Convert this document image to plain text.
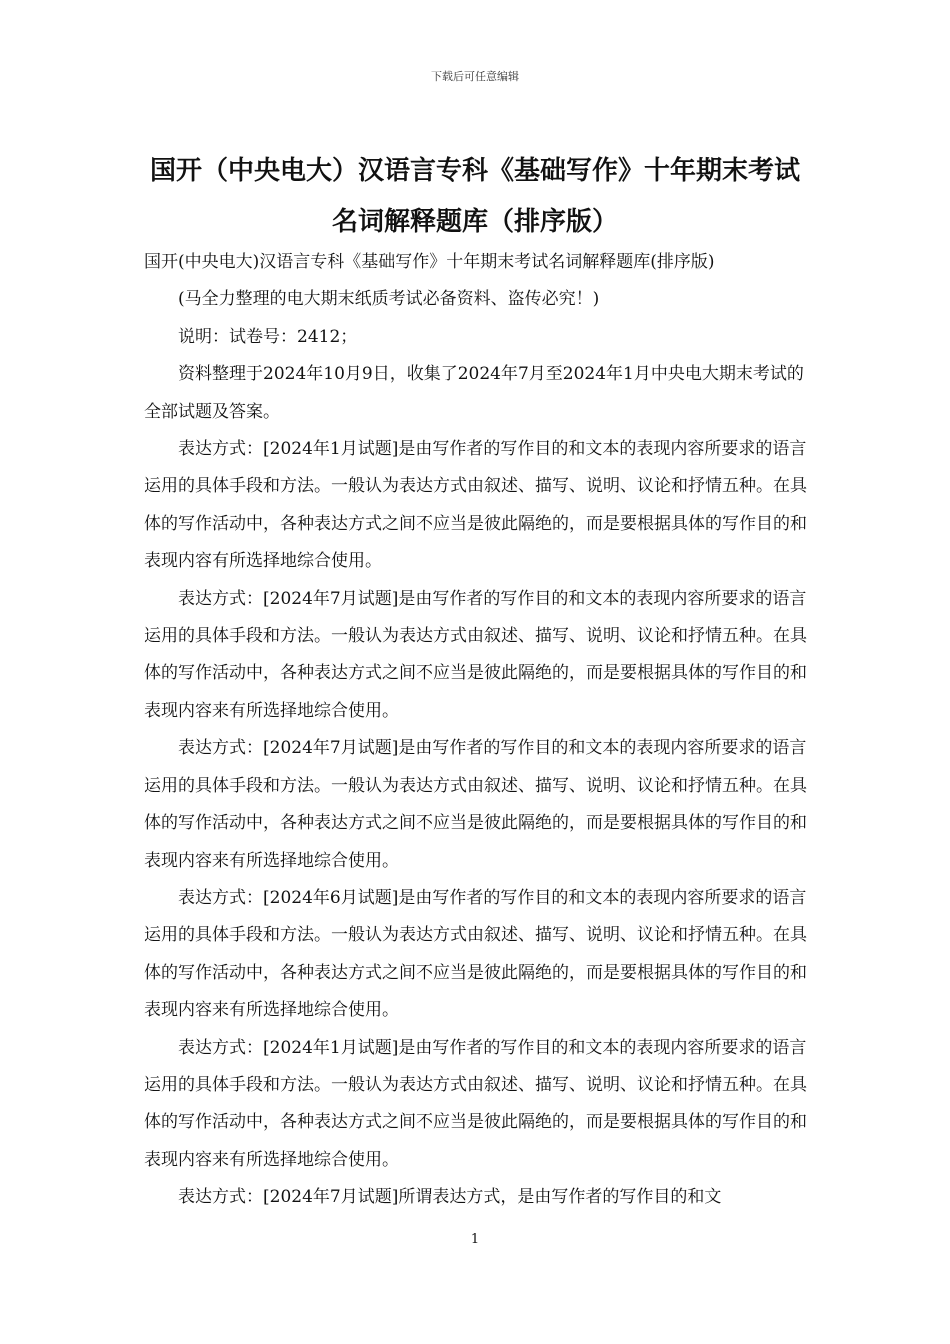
下载后可任意编辑
国开（中央电大）汉语言专科《基础写作》十年期末考试
名词解释题库（排序版）

国开(中央电大)汉语言专科《基础写作》十年期末考试名词解释题库(排序版)

(马全力整理的电大期末纸质考试必备资料、盗传必究！)

说明：试卷号：2412；

资料整理于2024年10月9日，收集了2024年7月至2024年1月中央电大期末考试的全部试题及答案。

表达方式：[2024年1月试题]是由写作者的写作目的和文本的表现内容所要求的语言运用的具体手段和方法。一般认为表达方式由叙述、描写、说明、议论和抒情五种。在具体的写作活动中，各种表达方式之间不应当是彼此隔绝的，而是要根据具体的写作目的和表现内容有所选择地综合使用。

表达方式：[2024年7月试题]是由写作者的写作目的和文本的表现内容所要求的语言运用的具体手段和方法。一般认为表达方式由叙述、描写、说明、议论和抒情五种。在具体的写作活动中，各种表达方式之间不应当是彼此隔绝的，而是要根据具体的写作目的和表现内容来有所选择地综合使用。

表达方式：[2024年7月试题]是由写作者的写作目的和文本的表现内容所要求的语言运用的具体手段和方法。一般认为表达方式由叙述、描写、说明、议论和抒情五种。在具体的写作活动中，各种表达方式之间不应当是彼此隔绝的，而是要根据具体的写作目的和表现内容来有所选择地综合使用。

表达方式：[2024年6月试题]是由写作者的写作目的和文本的表现内容所要求的语言运用的具体手段和方法。一般认为表达方式由叙述、描写、说明、议论和抒情五种。在具体的写作活动中，各种表达方式之间不应当是彼此隔绝的，而是要根据具体的写作目的和表现内容来有所选择地综合使用。

表达方式：[2024年1月试题]是由写作者的写作目的和文本的表现内容所要求的语言运用的具体手段和方法。一般认为表达方式由叙述、描写、说明、议论和抒情五种。在具体的写作活动中，各种表达方式之间不应当是彼此隔绝的，而是要根据具体的写作目的和表现内容来有所选择地综合使用。

表达方式：[2024年7月试题]所谓表达方式，是由写作者的写作目的和文

1
